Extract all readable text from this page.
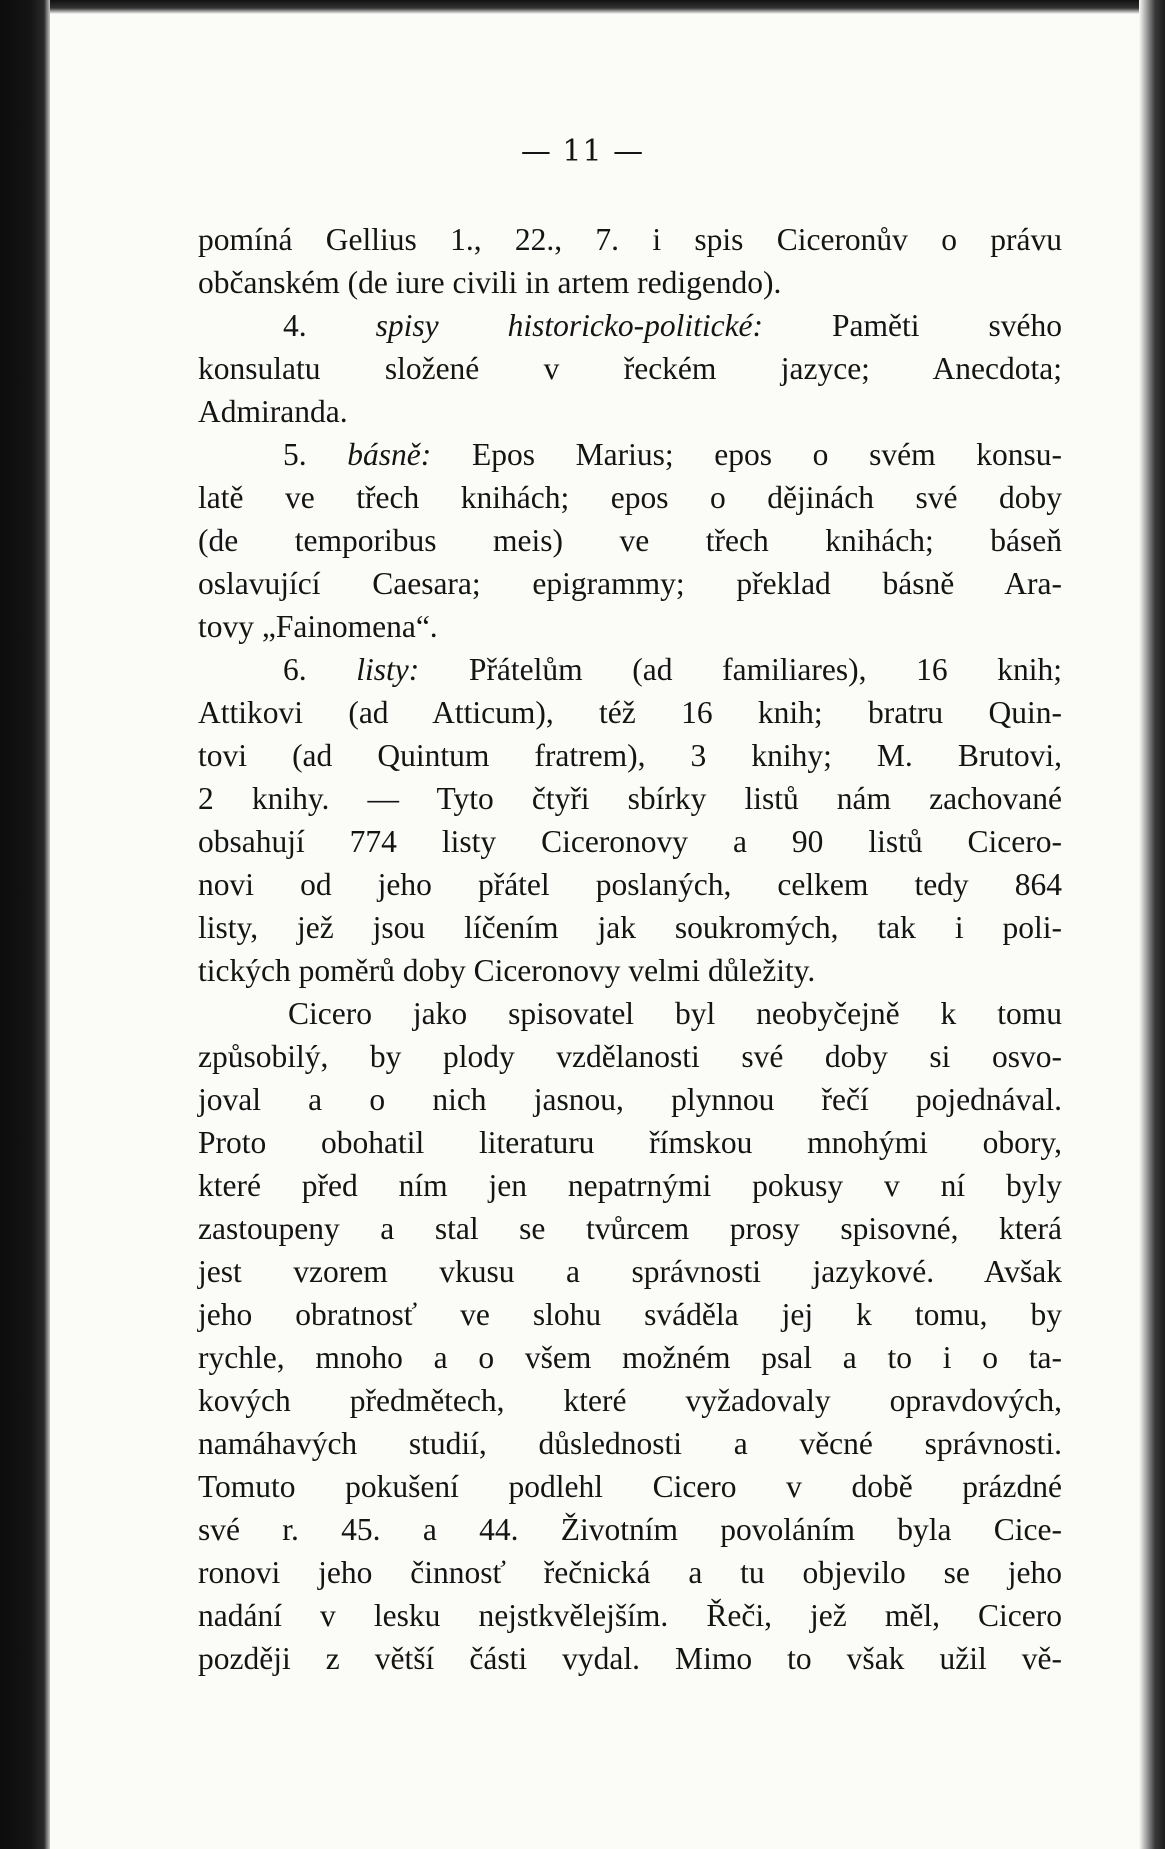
— 11 —
pomíná Gellius 1., 22., 7. i spis Ciceronův o právu
občanském (de iure civili in artem redigendo).
4. spisy historicko-politické: Paměti svého
konsulatu složené v řeckém jazyce; Anecdota;
Admiranda.
5. básně: Epos Marius; epos o svém konsu-
latě ve třech knihách; epos o dějinách své doby
(de temporibus meis) ve třech knihách; báseň
oslavující Caesara; epigrammy; překlad básně Ara-
tovy „Fainomena“.
6. listy: Přátelům (ad familiares), 16 knih;
Attikovi (ad Atticum), též 16 knih; bratru Quin-
tovi (ad Quintum fratrem), 3 knihy; M. Brutovi,
2 knihy. — Tyto čtyři sbírky listů nám zachované
obsahují 774 listy Ciceronovy a 90 listů Cicero-
novi od jeho přátel poslaných, celkem tedy 864
listy, jež jsou líčením jak soukromých, tak i poli-
tických poměrů doby Ciceronovy velmi důležity.
Cicero jako spisovatel byl neobyčejně k tomu
způsobilý, by plody vzdělanosti své doby si osvo-
joval a o nich jasnou, plynnou řečí pojednával.
Proto obohatil literaturu římskou mnohými obory,
které před ním jen nepatrnými pokusy v ní byly
zastoupeny a stal se tvůrcem prosy spisovné, která
jest vzorem vkusu a správnosti jazykové. Avšak
jeho obratnosť ve slohu sváděla jej k tomu, by
rychle, mnoho a o všem možném psal a to i o ta-
kových předmětech, které vyžadovaly opravdových,
namáhavých studií, důslednosti a věcné správnosti.
Tomuto pokušení podlehl Cicero v době prázdné
své r. 45. a 44. Životním povoláním byla Cice-
ronovi jeho činnosť řečnická a tu objevilo se jeho
nadání v lesku nejstkvělejším. Řeči, jež měl, Cicero
později z větší části vydal. Mimo to však užil vě-
